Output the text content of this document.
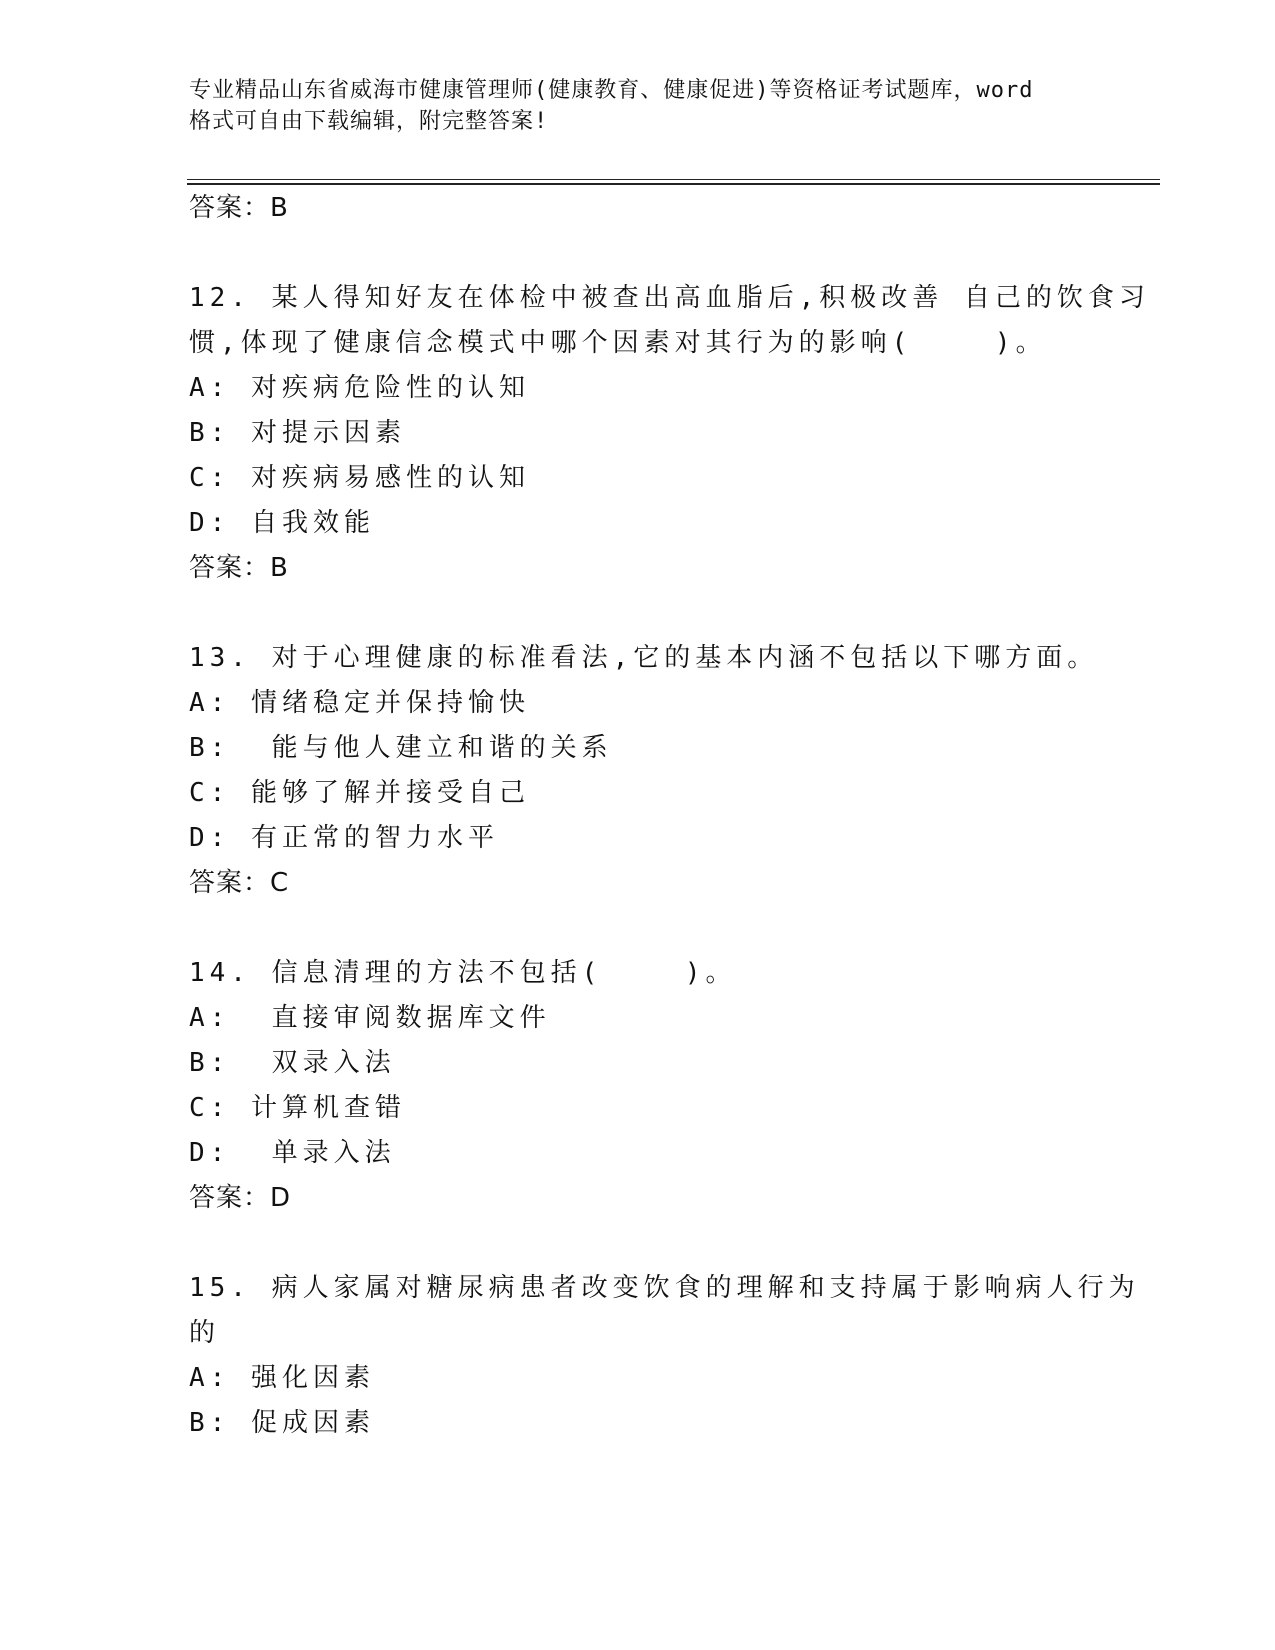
专业精品山东省威海市健康管理师(健康教育、健康促进)等资格证考试题库，word
格式可自由下载编辑，附完整答案!
答案：B
12. 某人得知好友在体检中被查出高血脂后,积极改善 自己的饮食习
惯,体现了健康信念模式中哪个因素对其行为的影响(    )。
A: 对疾病危险性的认知
B: 对提示因素
C: 对疾病易感性的认知
D: 自我效能
答案：B
13. 对于心理健康的标准看法,它的基本内涵不包括以下哪方面。
A: 情绪稳定并保持愉快
B:  能与他人建立和谐的关系
C: 能够了解并接受自己
D: 有正常的智力水平
答案：C
14. 信息清理的方法不包括(    )。
A:  直接审阅数据库文件
B:  双录入法
C: 计算机查错
D:  单录入法
答案：D
15. 病人家属对糖尿病患者改变饮食的理解和支持属于影响病人行为
的
A: 强化因素
B: 促成因素
